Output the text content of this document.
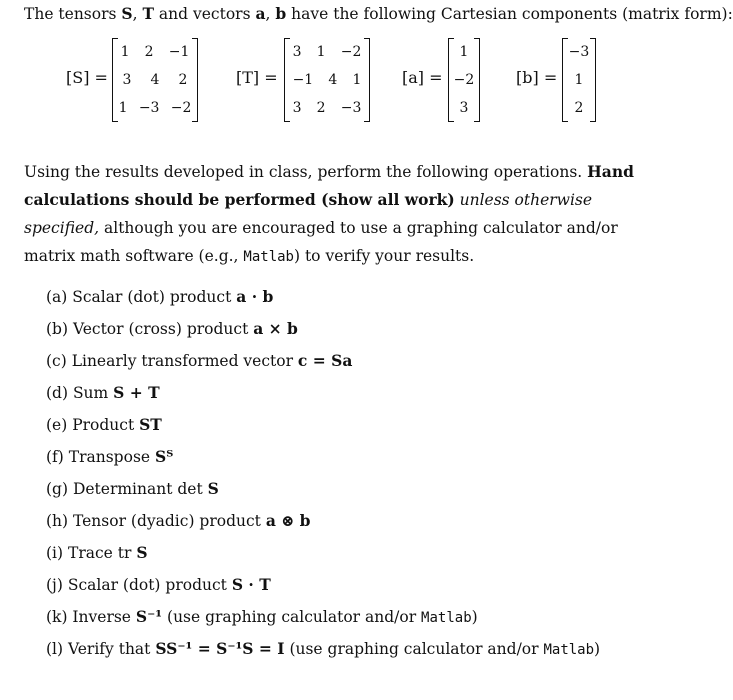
The tensors S, T and vectors a, b have the following Cartesian components (matrix form):
[S] =
1 2 −1
3 4 2
1 −3 −2
[T] =
3 1 −2
−1 4 1
3 2 −3
[a] =
1
−2
3
[b] =
−3
1
2
Using the results developed in class, perform the following operations. Hand calculations should be performed (show all work) unless otherwise specified, although you are encouraged to use a graphing calculator and/or matrix math software (e.g., Matlab) to verify your results.
(a) Scalar (dot) product a · b
(b) Vector (cross) product a × b
(c) Linearly transformed vector c = Sa
(d) Sum S + T
(e) Product ST
(f) Transpose Sᵀ
(g) Determinant det S
(h) Tensor (dyadic) product a ⊗ b
(i) Trace tr S
(j) Scalar (dot) product S · T
(k) Inverse S⁻¹ (use graphing calculator and/or Matlab)
(l) Verify that SS⁻¹ = S⁻¹S = I (use graphing calculator and/or Matlab)
